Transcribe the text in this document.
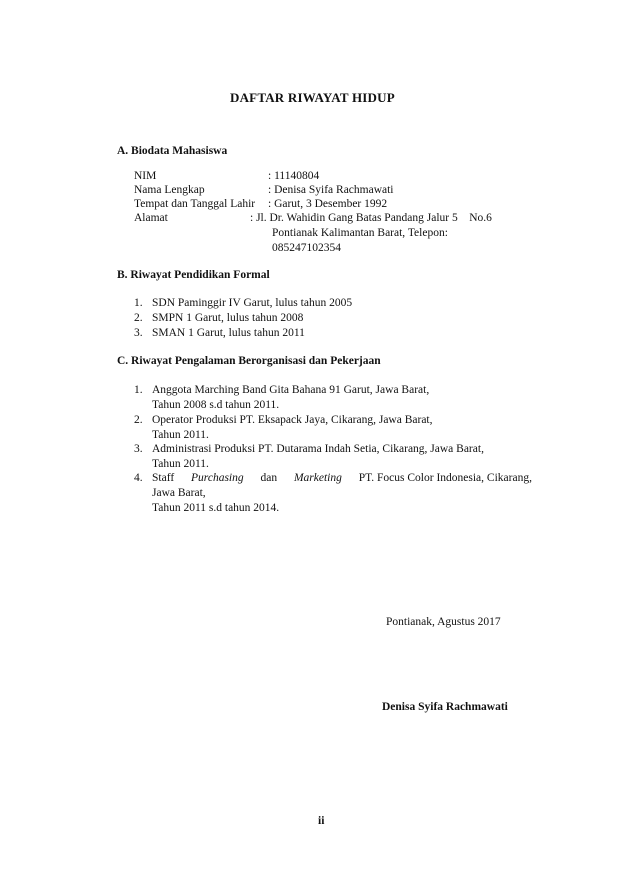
DAFTAR RIWAYAT HIDUP
A. Biodata Mahasiswa
NIM	: 11140804
Nama Lengkap	: Denisa Syifa Rachmawati
Tempat dan Tanggal Lahir : Garut, 3 Desember 1992
Alamat	: Jl. Dr. Wahidin Gang Batas Pandang Jalur 5    No.6
Pontianak Kalimantan Barat, Telepon:
085247102354
B. Riwayat Pendidikan Formal
1. SDN Paminggir IV Garut, lulus tahun 2005
2. SMPN 1 Garut, lulus tahun 2008
3. SMAN 1 Garut, lulus tahun 2011
C. Riwayat Pengalaman Berorganisasi dan Pekerjaan
1. Anggota Marching Band Gita Bahana 91 Garut, Jawa Barat,
Tahun 2008 s.d tahun 2011.
2. Operator Produksi PT. Eksapack Jaya, Cikarang, Jawa Barat,
Tahun 2011.
3. Administrasi Produksi PT. Dutarama Indah Setia, Cikarang, Jawa Barat,
Tahun 2011.
4. Staff Purchasing dan Marketing PT. Focus Color Indonesia, Cikarang,
Jawa Barat,
Tahun 2011 s.d tahun 2014.
Pontianak, Agustus 2017
Denisa Syifa Rachmawati
ii
